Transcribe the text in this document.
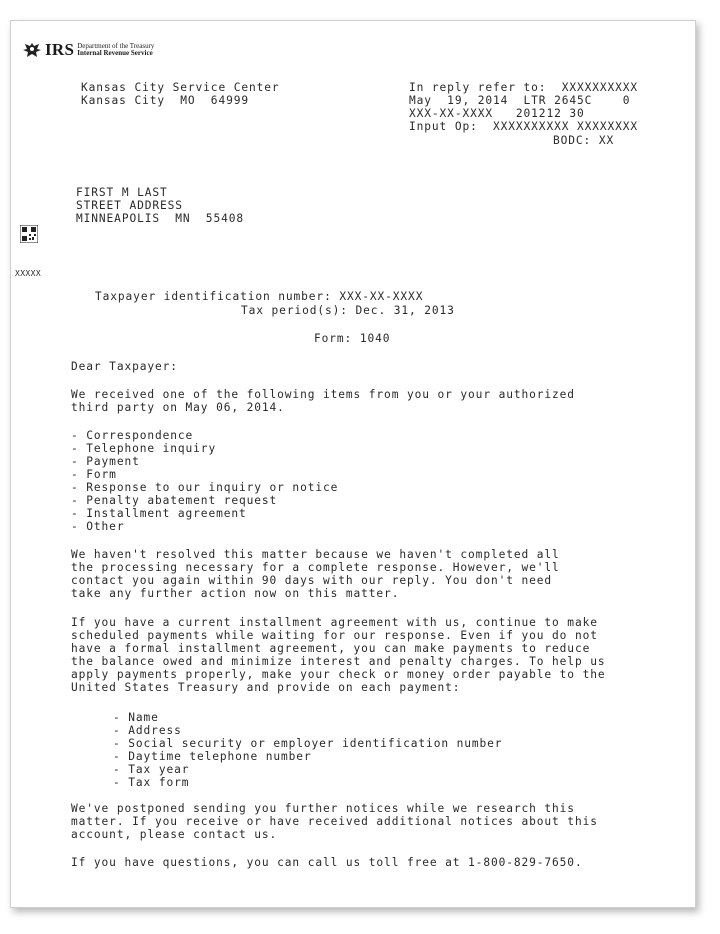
IRS Department of the Treasury
Internal Revenue Service
Kansas City Service Center
Kansas City  MO  64999
In reply refer to:  XXXXXXXXXX
May  19, 2014  LTR 2645C    0
XXX-XX-XXXX   201212 30
Input Op:  XXXXXXXXXX XXXXXXXX
BODC: XX
FIRST M LAST
STREET ADDRESS
MINNEAPOLIS  MN  55408
XXXXX
Taxpayer identification number: XXX-XX-XXXX
Tax period(s): Dec. 31, 2013
Form: 1040
Dear Taxpayer:

We received one of the following items from you or your authorized

third party on May 06, 2014.

- Correspondence
- Telephone inquiry
- Payment
- Form
- Response to our inquiry or notice
- Penalty abatement request
- Installment agreement
- Other

We haven't resolved this matter because we haven't completed all

the processing necessary for a complete response. However, we'll

contact you again within 90 days with our reply. You don't need

take any further action now on this matter.

If you have a current installment agreement with us, continue to make

scheduled payments while waiting for our response. Even if you do not

have a formal installment agreement, you can make payments to reduce

the balance owed and minimize interest and penalty charges. To help us

apply payments properly, make your check or money order payable to the

United States Treasury and provide on each payment:

- Name
- Address
- Social security or employer identification number
- Daytime telephone number
- Tax year
- Tax form

We've postponed sending you further notices while we research this

matter. If you receive or have received additional notices about this

account, please contact us.

If you have questions, you can call us toll free at 1-800-829-7650.
